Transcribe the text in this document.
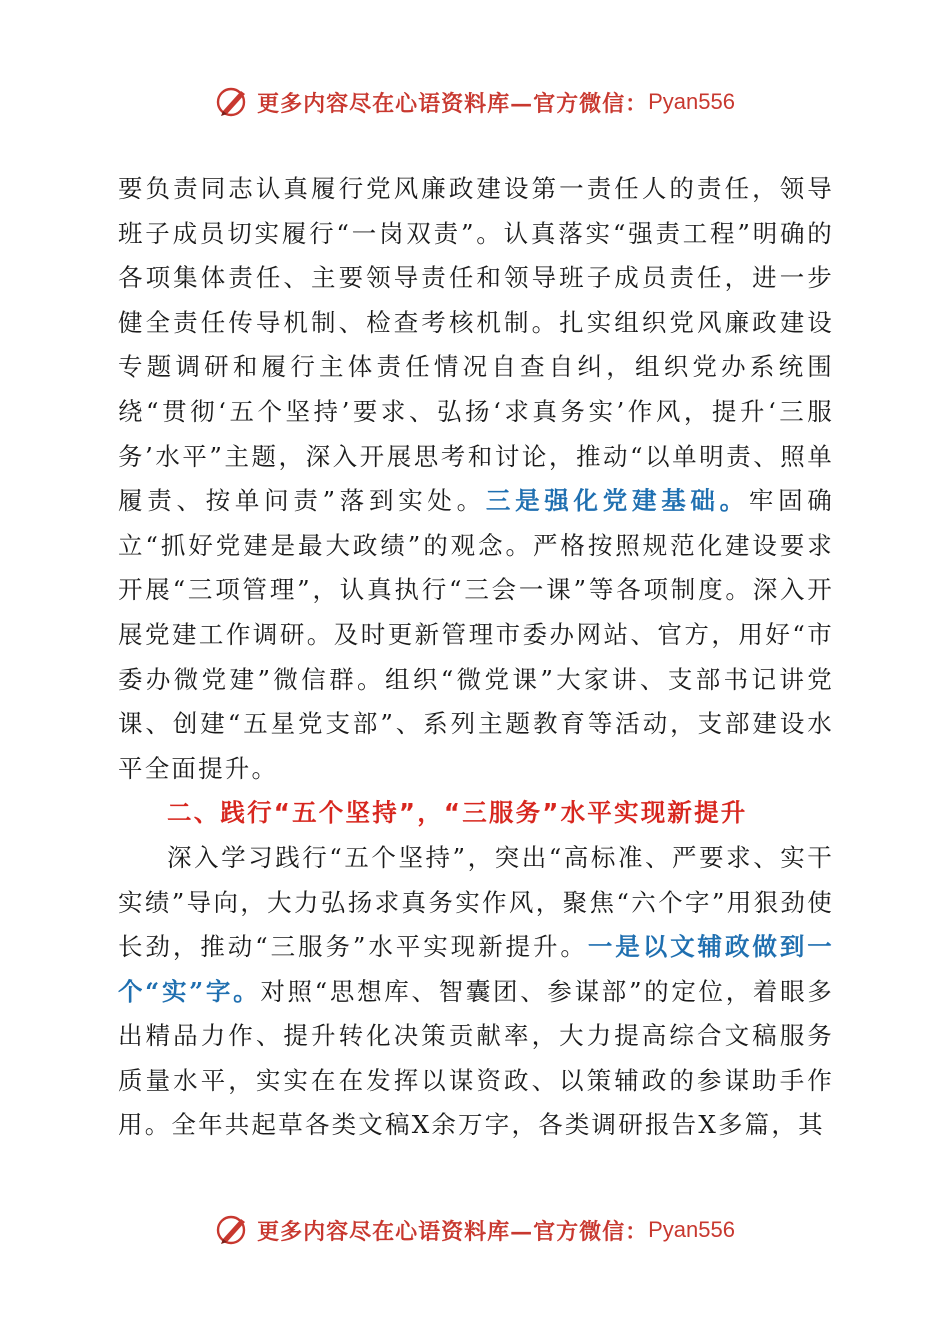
更多内容尽在心语资料库—官方微信： Pyan556

要负责同志认真履行党风廉政建设第一责任人的责任，领导班子成员切实履行“一岗双责”。认真落实“强责工程”明确的各项集体责任、主要领导责任和领导班子成员责任，进一步健全责任传导机制、检查考核机制。扎实组织党风廉政建设专题调研和履行主体责任情况自查自纠，组织党办系统围绕“贯彻‘五个坚持’要求、弘扬‘求真务实’作风，提升‘三服务’水平”主题，深入开展思考和讨论，推动“以单明责、照单履责、按单问责”落到实处。三是强化党建基础。牢固确立“抓好党建是最大政绩”的观念。严格按照规范化建设要求开展“三项管理”，认真执行“三会一课”等各项制度。深入开展党建工作调研。及时更新管理市委办网站、官方，用好“市委办微党建”微信群。组织“微党课”大家讲、支部书记讲党课、创建“五星党支部”、系列主题教育等活动，支部建设水平全面提升。

二、践行“五个坚持”，“三服务”水平实现新提升

深入学习践行“五个坚持”，突出“高标准、严要求、实干实绩”导向，大力弘扬求真务实作风，聚焦“六个字”用狠劲使长劲，推动“三服务”水平实现新提升。一是以文辅政做到一个“实”字。对照“思想库、智囊团、参谋部”的定位，着眼多出精品力作、提升转化决策贡献率，大力提高综合文稿服务质量水平，实实在在发挥以谋资政、以策辅政的参谋助手作用。全年共起草各类文稿X余万字，各类调研报告X多篇，其

更多内容尽在心语资料库—官方微信： Pyan556
